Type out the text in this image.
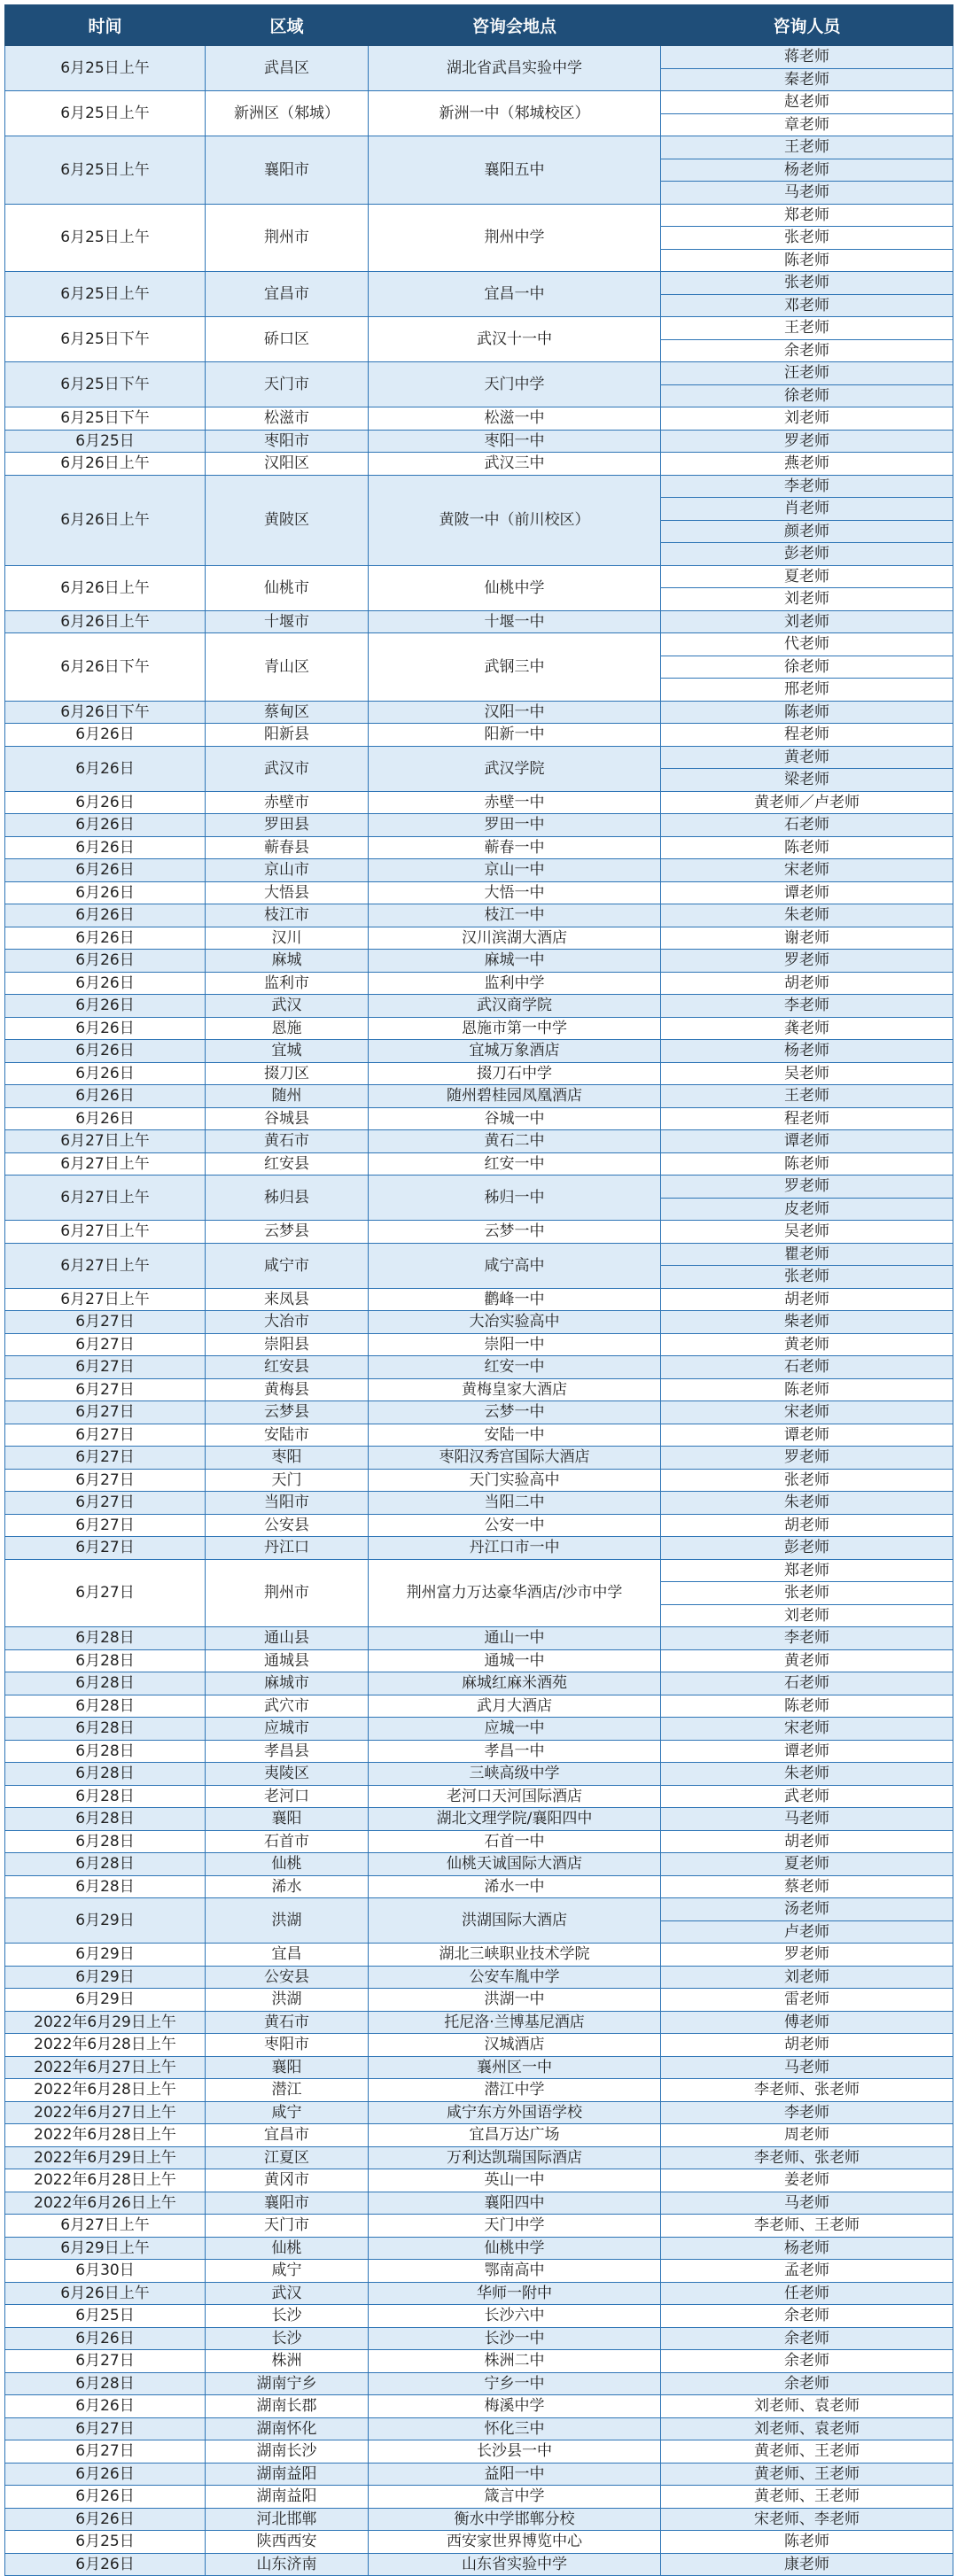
时间	区域	咨询会地点	咨询人员
6月25日上午	武昌区	湖北省武昌实验中学	蒋老师
			秦老师
6月25日上午	新洲区（邾城）	新洲一中（邾城校区）	赵老师
			章老师
6月25日上午	襄阳市	襄阳五中	王老师
			杨老师
			马老师
6月25日上午	荆州市	荆州中学	郑老师
			张老师
			陈老师
6月25日上午	宜昌市	宜昌一中	张老师
			邓老师
6月25日下午	硚口区	武汉十一中	王老师
			余老师
6月25日下午	天门市	天门中学	汪老师
			徐老师
6月25日下午	松滋市	松滋一中	刘老师
6月25日	枣阳市	枣阳一中	罗老师
6月26日上午	汉阳区	武汉三中	燕老师
6月26日上午	黄陂区	黄陂一中（前川校区）	李老师
			肖老师
			颜老师
			彭老师
6月26日上午	仙桃市	仙桃中学	夏老师
			刘老师
6月26日上午	十堰市	十堰一中	刘老师
6月26日下午	青山区	武钢三中	代老师
			徐老师
			邢老师
6月26日下午	蔡甸区	汉阳一中	陈老师
6月26日	阳新县	阳新一中	程老师
6月26日	武汉市	武汉学院	黄老师
			梁老师
6月26日	赤壁市	赤壁一中	黄老师／卢老师
6月26日	罗田县	罗田一中	石老师
6月26日	蕲春县	蕲春一中	陈老师
6月26日	京山市	京山一中	宋老师
6月26日	大悟县	大悟一中	谭老师
6月26日	枝江市	枝江一中	朱老师
6月26日	汉川	汉川滨湖大酒店	谢老师
6月26日	麻城	麻城一中	罗老师
6月26日	监利市	监利中学	胡老师
6月26日	武汉	武汉商学院	李老师
6月26日	恩施	恩施市第一中学	龚老师
6月26日	宜城	宜城万象酒店	杨老师
6月26日	掇刀区	掇刀石中学	吴老师
6月26日	随州	随州碧桂园凤凰酒店	王老师
6月26日	谷城县	谷城一中	程老师
6月27日上午	黄石市	黄石二中	谭老师
6月27日上午	红安县	红安一中	陈老师
6月27日上午	秭归县	秭归一中	罗老师
			皮老师
6月27日上午	云梦县	云梦一中	吴老师
6月27日上午	咸宁市	咸宁高中	瞿老师
			张老师
6月27日上午	来凤县	鹳峰一中	胡老师
6月27日	大冶市	大冶实验高中	柴老师
6月27日	崇阳县	崇阳一中	黄老师
6月27日	红安县	红安一中	石老师
6月27日	黄梅县	黄梅皇家大酒店	陈老师
6月27日	云梦县	云梦一中	宋老师
6月27日	安陆市	安陆一中	谭老师
6月27日	枣阳	枣阳汉秀宫国际大酒店	罗老师
6月27日	天门	天门实验高中	张老师
6月27日	当阳市	当阳二中	朱老师
6月27日	公安县	公安一中	胡老师
6月27日	丹江口	丹江口市一中	彭老师
6月27日	荆州市	荆州富力万达豪华酒店/沙市中学	郑老师
			张老师
			刘老师
6月28日	通山县	通山一中	李老师
6月28日	通城县	通城一中	黄老师
6月28日	麻城市	麻城红麻米酒苑	石老师
6月28日	武穴市	武月大酒店	陈老师
6月28日	应城市	应城一中	宋老师
6月28日	孝昌县	孝昌一中	谭老师
6月28日	夷陵区	三峡高级中学	朱老师
6月28日	老河口	老河口天河国际酒店	武老师
6月28日	襄阳	湖北文理学院/襄阳四中	马老师
6月28日	石首市	石首一中	胡老师
6月28日	仙桃	仙桃天诚国际大酒店	夏老师
6月28日	浠水	浠水一中	蔡老师
6月29日	洪湖	洪湖国际大酒店	汤老师
			卢老师
6月29日	宜昌	湖北三峡职业技术学院	罗老师
6月29日	公安县	公安车胤中学	刘老师
6月29日	洪湖	洪湖一中	雷老师
2022年6月29日上午	黄石市	托尼洛·兰博基尼酒店	傅老师
2022年6月28日上午	枣阳市	汉城酒店	胡老师
2022年6月27日上午	襄阳	襄州区一中	马老师
2022年6月28日上午	潜江	潜江中学	李老师、张老师
2022年6月27日上午	咸宁	咸宁东方外国语学校	李老师
2022年6月28日上午	宜昌市	宜昌万达广场	周老师
2022年6月29日上午	江夏区	万利达凯瑞国际酒店	李老师、张老师
2022年6月28日上午	黄冈市	英山一中	姜老师
2022年6月26日上午	襄阳市	襄阳四中	马老师
6月27日上午	天门市	天门中学	李老师、王老师
6月29日上午	仙桃	仙桃中学	杨老师
6月30日	咸宁	鄂南高中	孟老师
6月26日上午	武汉	华师一附中	任老师
6月25日	长沙	长沙六中	余老师
6月26日	长沙	长沙一中	余老师
6月27日	株洲	株洲二中	余老师
6月28日	湖南宁乡	宁乡一中	余老师
6月26日	湖南长郡	梅溪中学	刘老师、袁老师
6月27日	湖南怀化	怀化三中	刘老师、袁老师
6月27日	湖南长沙	长沙县一中	黄老师、王老师
6月26日	湖南益阳	益阳一中	黄老师、王老师
6月26日	湖南益阳	箴言中学	黄老师、王老师
6月26日	河北邯郸	衡水中学邯郸分校	宋老师、李老师
6月25日	陕西西安	西安家世界博览中心	陈老师
6月26日	山东济南	山东省实验中学	康老师
